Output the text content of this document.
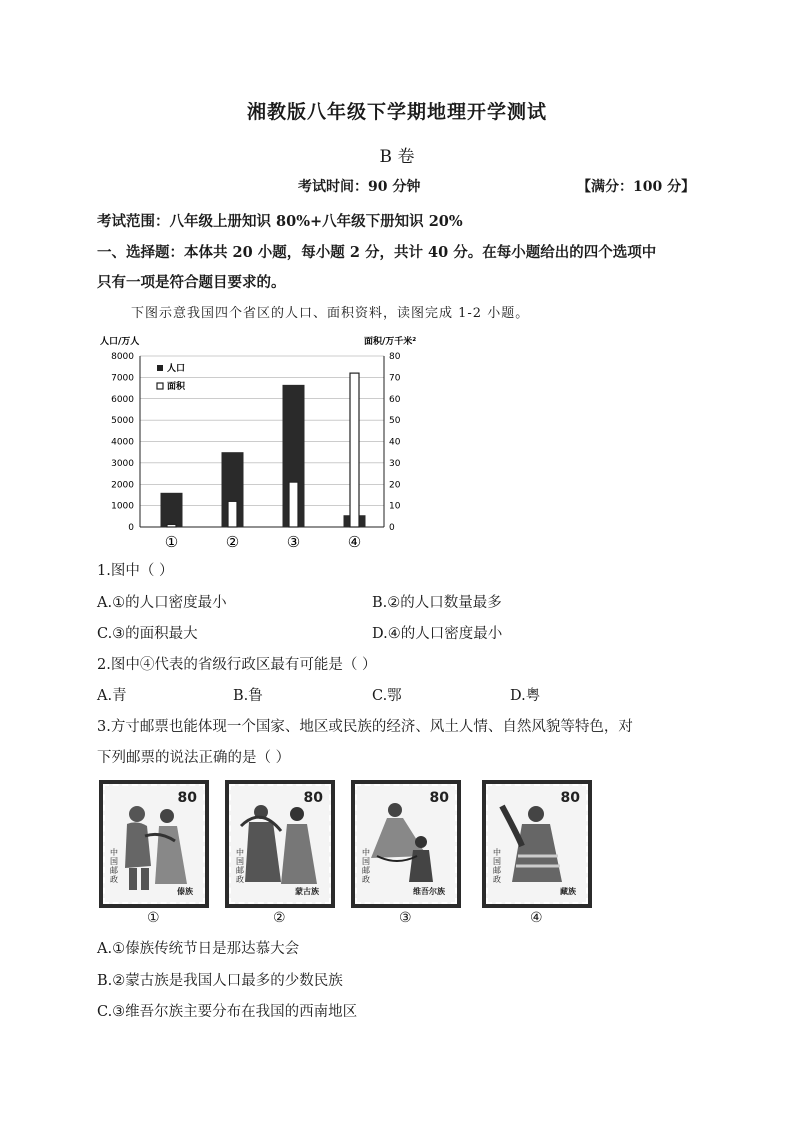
湘教版八年级下学期地理开学测试
B 卷
考试时间：90 分钟	【满分：100 分】
考试范围：八年级上册知识 80%+八年级下册知识 20%
一、选择题：本体共 20 小题，每小题 2 分，共计 40 分。在每小题给出的四个选项中
只有一项是符合题目要求的。
下图示意我国四个省区的人口、面积资料，读图完成 1-2 小题。
人口/万人	面积/万千米²
0
1000
2000
3000
4000
5000
6000
7000
8000
0
10
20
30
40
50
60
70
80
人口
面积
①	②	③	④
1.图中（ ）
A.①的人口密度最小	B.②的人口数量最多
C.③的面积最大	D.④的人口密度最小
2.图中④代表的省级行政区最有可能是（ ）
A.青	B.鲁	C.鄂	D.粤
3.方寸邮票也能体现一个国家、地区或民族的经济、风土人情、自然风貌等特色，对
下列邮票的说法正确的是（ ）
80
中国邮政
傣族
80
中国邮政
蒙古族
80
中国邮政
维吾尔族
80
中国邮政
藏族
①	②	③	④
A.①傣族传统节日是那达慕大会
B.②蒙古族是我国人口最多的少数民族
C.③维吾尔族主要分布在我国的西南地区
